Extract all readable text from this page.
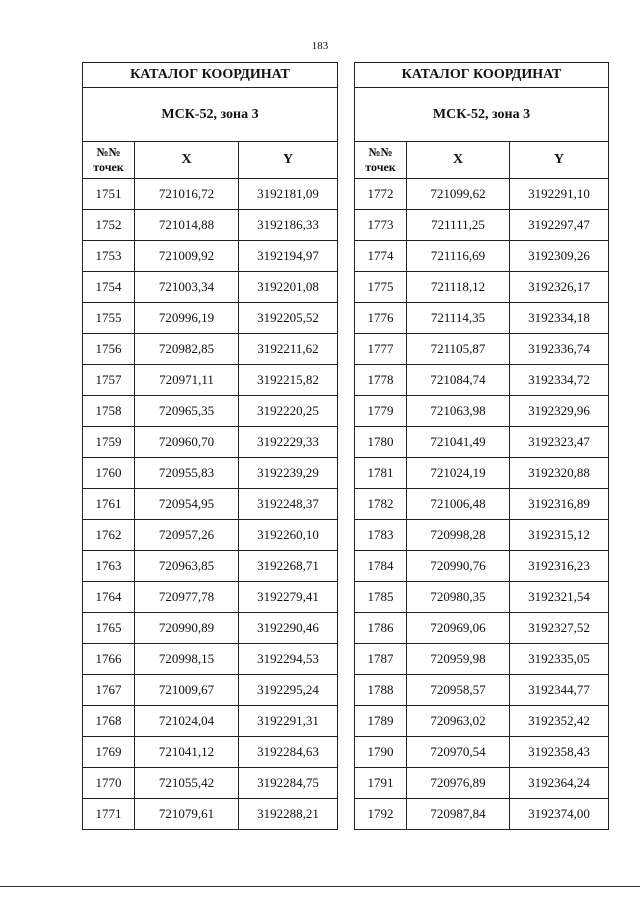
183
КАТАЛОГ КООРДИНАТ		
МСК-52, зона 3		
№№
точек	X	Y
1751	721016,72	3192181,09
1752	721014,88	3192186,33
1753	721009,92	3192194,97
1754	721003,34	3192201,08
1755	720996,19	3192205,52
1756	720982,85	3192211,62
1757	720971,11	3192215,82
1758	720965,35	3192220,25
1759	720960,70	3192229,33
1760	720955,83	3192239,29
1761	720954,95	3192248,37
1762	720957,26	3192260,10
1763	720963,85	3192268,71
1764	720977,78	3192279,41
1765	720990,89	3192290,46
1766	720998,15	3192294,53
1767	721009,67	3192295,24
1768	721024,04	3192291,31
1769	721041,12	3192284,63
1770	721055,42	3192284,75
1771	721079,61	3192288,21
КАТАЛОГ КООРДИНАТ		
МСК-52, зона 3		
№№
точек	X	Y
1772	721099,62	3192291,10
1773	721111,25	3192297,47
1774	721116,69	3192309,26
1775	721118,12	3192326,17
1776	721114,35	3192334,18
1777	721105,87	3192336,74
1778	721084,74	3192334,72
1779	721063,98	3192329,96
1780	721041,49	3192323,47
1781	721024,19	3192320,88
1782	721006,48	3192316,89
1783	720998,28	3192315,12
1784	720990,76	3192316,23
1785	720980,35	3192321,54
1786	720969,06	3192327,52
1787	720959,98	3192335,05
1788	720958,57	3192344,77
1789	720963,02	3192352,42
1790	720970,54	3192358,43
1791	720976,89	3192364,24
1792	720987,84	3192374,00
